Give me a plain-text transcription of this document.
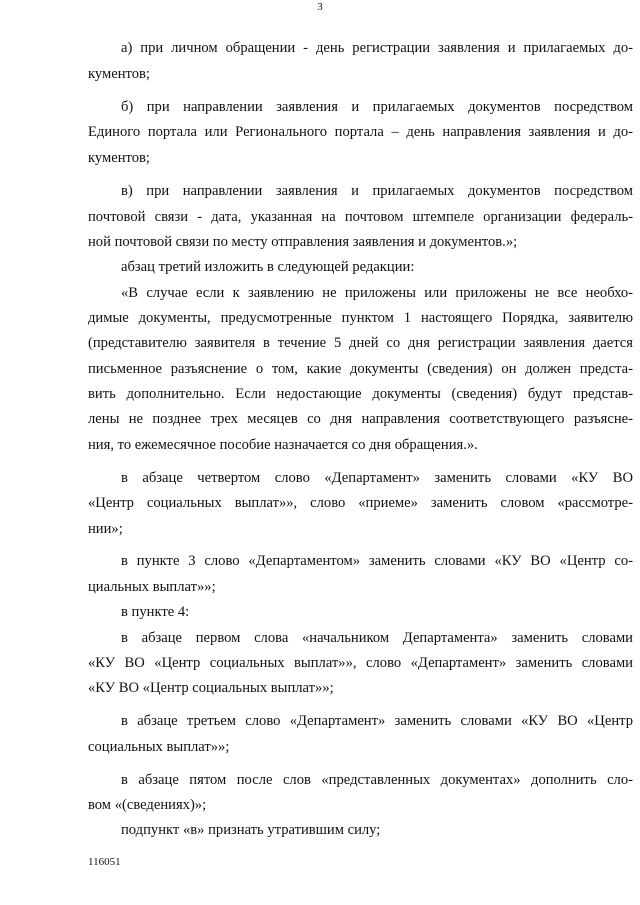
3
а) при личном обращении - день регистрации заявления и прилагаемых до-
кументов;
б) при направлении заявления и прилагаемых документов посредством
Единого портала или Регионального портала – день направления заявления и до-
кументов;
в) при направлении заявления и прилагаемых документов посредством
почтовой связи - дата, указанная на почтовом штемпеле организации федераль-
ной почтовой связи по месту отправления заявления и документов.»;
абзац третий изложить в следующей редакции:
«В случае если к заявлению не приложены или приложены не все необхо-
димые документы, предусмотренные пунктом 1 настоящего Порядка, заявителю
(представителю заявителя в течение 5 дней со дня регистрации заявления дается
письменное разъяснение о том, какие документы (сведения) он должен предста-
вить дополнительно. Если недостающие документы (сведения) будут представ-
лены не позднее трех месяцев со дня направления соответствующего разъясне-
ния, то ежемесячное пособие назначается со дня обращения.».
в абзаце четвертом слово «Департамент» заменить словами «КУ ВО
«Центр социальных выплат»», слово «приеме» заменить словом «рассмотре-
нии»;
в пункте 3 слово «Департаментом» заменить словами «КУ ВО «Центр со-
циальных выплат»»;
в пункте 4:
в абзаце первом слова «начальником Департамента» заменить словами
«КУ ВО «Центр социальных выплат»», слово «Департамент» заменить словами
«КУ ВО «Центр социальных выплат»»;
в абзаце третьем слово «Департамент» заменить словами «КУ ВО «Центр
социальных выплат»»;
в абзаце пятом после слов «представленных документах» дополнить сло-
вом «(сведениях)»;
подпункт «в» признать утратившим силу;
116051
